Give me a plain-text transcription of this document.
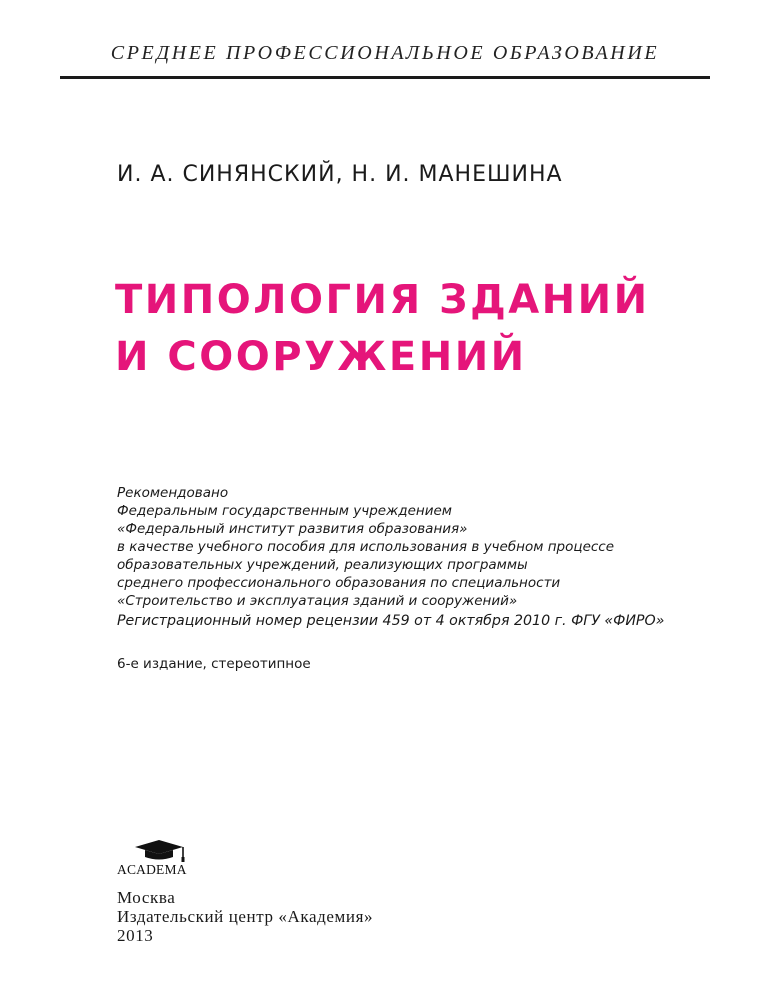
СРЕДНЕЕ ПРОФЕССИОНАЛЬНОЕ ОБРАЗОВАНИЕ
И. А. СИНЯНСКИЙ, Н. И. МАНЕШИНА
ТИПОЛОГИЯ ЗДАНИЙ
И СООРУЖЕНИЙ
Рекомендовано
Федеральным государственным учреждением
«Федеральный институт развития образования»
в качестве учебного пособия для использования в учебном процессе
образовательных учреждений, реализующих программы
среднего профессионального образования по специальности
«Строительство и эксплуатация зданий и сооружений»
Регистрационный номер рецензии 459 от 4 октября 2010 г. ФГУ «ФИРО»
6-е издание, стереотипное
ACADEMA
Москва
Издательский центр «Академия»
2013
